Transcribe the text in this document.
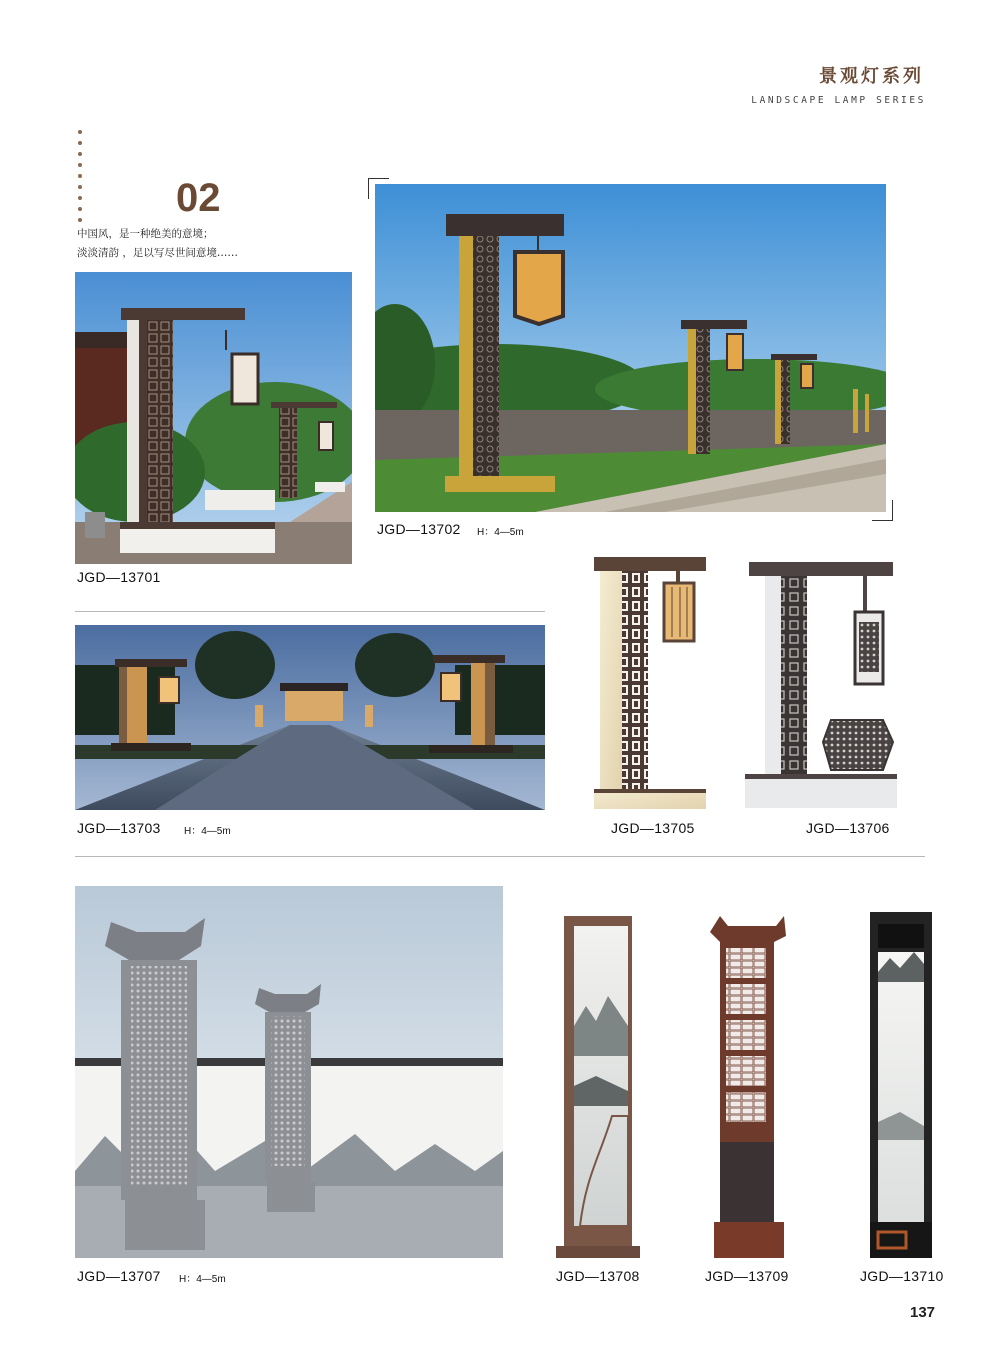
景观灯系列
LANDSCAPE LAMP SERIES
02
中国风，是一种绝美的意境；
淡淡清韵 ，足以写尽世间意境……
JGD—13701
JGD—13702 H：4—5m
JGD—13703 H：4—5m	JGD—13705	JGD—13706
JGD—13707 H：4—5m	JGD—13708	JGD—13709	JGD—13710
137
